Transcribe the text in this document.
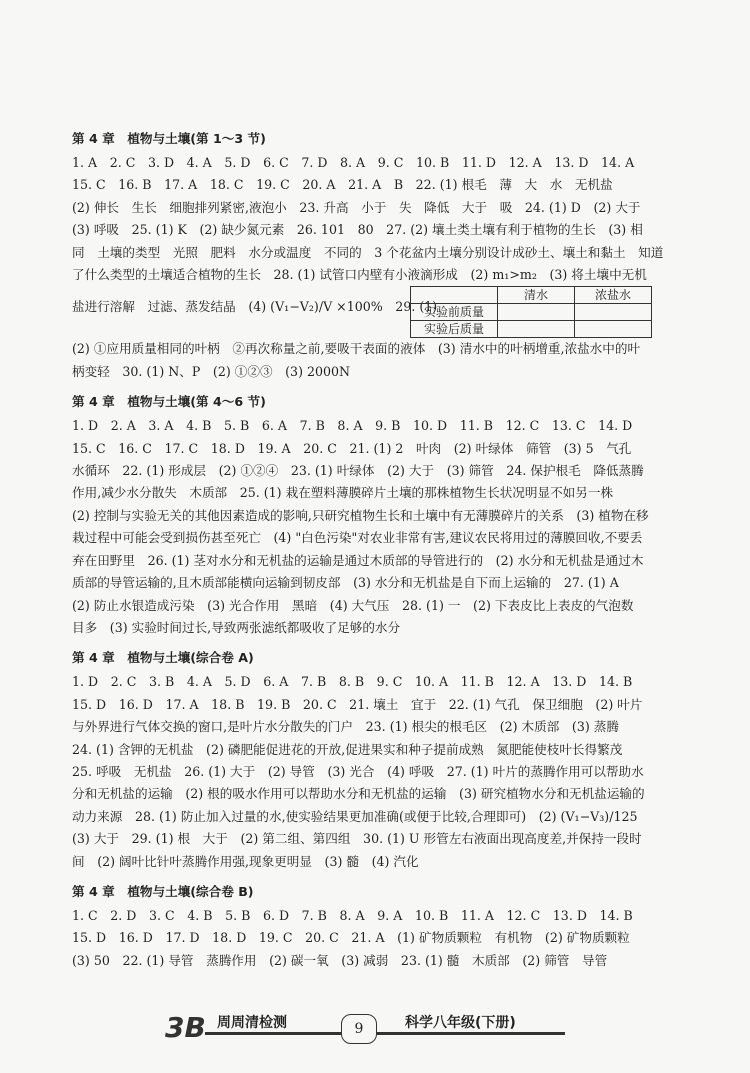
第 4 章　植物与土壤(第 1～3 节)
1. A　2. C　3. D　4. A　5. D　6. C　7. D　8. A　9. C　10. B　11. D　12. A　13. D　14. A
15. C　16. B　17. A　18. C　19. C　20. A　21. A　B　22. (1) 根毛　薄　大　水　无机盐
(2) 伸长　生长　细胞排列紧密,液泡小　23. 升高　小于　失　降低　大于　吸　24. (1) D　(2) 大于
(3) 呼吸　25. (1) K　(2) 缺少氮元素　26. 101　80　27. (2) 壤土类土壤有利于植物的生长　(3) 相
同　土壤的类型　光照　肥料　水分或温度　不同的　3 个花盆内土壤分别设计成砂土、壤土和黏土　知道
了什么类型的土壤适合植物的生长　28. (1) 试管口内壁有小液滴形成　(2) m₁>m₂　(3) 将土壤中无机
盐进行溶解　过滤、蒸发结晶　(4) (V₁−V₂)/V ×100%　29. (1)
	清水	浓盐水
实验前质量		
实验后质量		
(2) ①应用质量相同的叶柄　②再次称量之前,要吸干表面的液体　(3) 清水中的叶柄增重,浓盐水中的叶
柄变轻　30. (1) N、P　(2) ①②③　(3) 2000N
第 4 章　植物与土壤(第 4～6 节)
1. D　2. A　3. A　4. B　5. B　6. A　7. B　8. A　9. B　10. D　11. B　12. C　13. C　14. D
15. C　16. C　17. C　18. D　19. A　20. C　21. (1) 2　叶肉　(2) 叶绿体　筛管　(3) 5　气孔
水循环　22. (1) 形成层　(2) ①②④　23. (1) 叶绿体　(2) 大于　(3) 筛管　24. 保护根毛　降低蒸腾
作用,减少水分散失　木质部　25. (1) 栽在塑料薄膜碎片土壤的那株植物生长状况明显不如另一株
(2) 控制与实验无关的其他因素造成的影响,只研究植物生长和土壤中有无薄膜碎片的关系　(3) 植物在移
栽过程中可能会受到损伤甚至死亡　(4) "白色污染"对农业非常有害,建议农民将用过的薄膜回收,不要丢
弃在田野里　26. (1) 茎对水分和无机盐的运输是通过木质部的导管进行的　(2) 水分和无机盐是通过木
质部的导管运输的,且木质部能横向运输到韧皮部　(3) 水分和无机盐是自下而上运输的　27. (1) A
(2) 防止水银造成污染　(3) 光合作用　黑暗　(4) 大气压　28. (1) 一　(2) 下表皮比上表皮的气泡数
目多　(3) 实验时间过长,导致两张滤纸都吸收了足够的水分
第 4 章　植物与土壤(综合卷 A)
1. D　2. C　3. B　4. A　5. D　6. A　7. B　8. B　9. C　10. A　11. B　12. A　13. D　14. B
15. D　16. D　17. A　18. B　19. B　20. C　21. 壤土　宜于　22. (1) 气孔　保卫细胞　(2) 叶片
与外界进行气体交换的窗口,是叶片水分散失的门户　23. (1) 根尖的根毛区　(2) 木质部　(3) 蒸腾
24. (1) 含钾的无机盐　(2) 磷肥能促进花的开放,促进果实和种子提前成熟　氮肥能使枝叶长得繁茂
25. 呼吸　无机盐　26. (1) 大于　(2) 导管　(3) 光合　(4) 呼吸　27. (1) 叶片的蒸腾作用可以帮助水
分和无机盐的运输　(2) 根的吸水作用可以帮助水分和无机盐的运输　(3) 研究植物水分和无机盐运输的
动力来源　28. (1) 防止加入过量的水,使实验结果更加准确(或便于比较,合理即可)　(2) (V₁−V₃)/125
(3) 大于　29. (1) 根　大于　(2) 第二组、第四组　30. (1) U 形管左右液面出现高度差,并保持一段时
间　(2) 阔叶比针叶蒸腾作用强,现象更明显　(3) 髓　(4) 汽化
第 4 章　植物与土壤(综合卷 B)
1. C　2. D　3. C　4. B　5. B　6. D　7. B　8. A　9. A　10. B　11. A　12. C　13. D　14. B
15. D　16. D　17. D　18. D　19. C　20. C　21. A　(1) 矿物质颗粒　有机物　(2) 矿物质颗粒
(3) 50　22. (1) 导管　蒸腾作用　(2) 碳一氧　(3) 减弱　23. (1) 髓　木质部　(2) 筛管　导管
3B 周周清检测	9	科学八年级(下册)
